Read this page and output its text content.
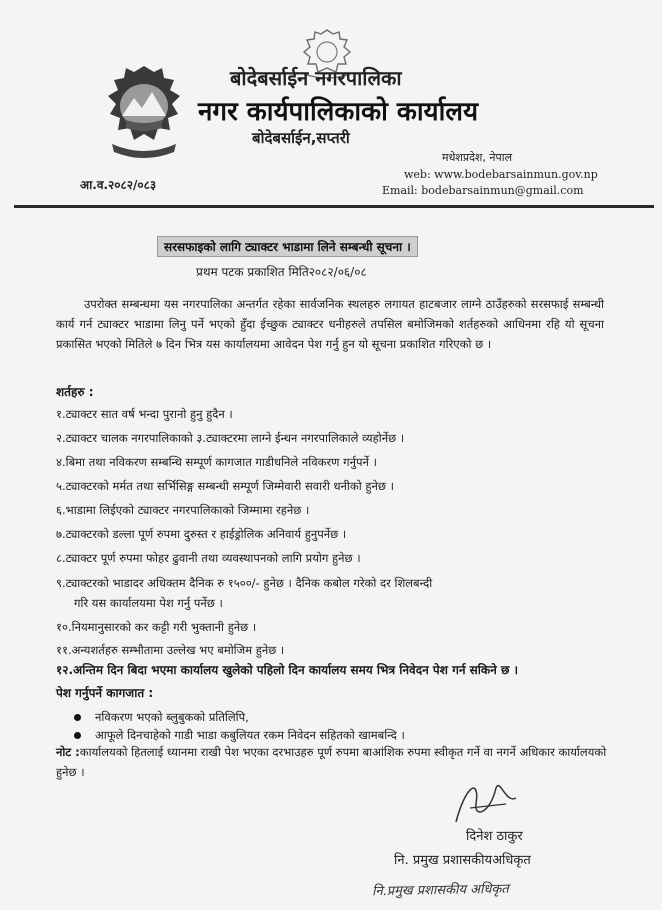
बोदेबर्साईन नगरपालिका
नगर कार्यपालिकाको कार्यालय
बोदेबर्साईन,सप्तरी
मधेशप्रदेश, नेपाल
web: www.bodebarsainmun.gov.np
Email: bodebarsainmun@gmail.com
आ.व.२०८२/०८३
सरसफाइको लागि ट्याक्टर भाडामा लिने सम्बन्धी सूचना ।
प्रथम पटक प्रकाशित मिति२०८२/०६/०८
उपरोक्त सम्बन्धमा यस नगरपालिका अन्तर्गत रहेका सार्वजनिक स्थलहरु लगायत हाटबजार लाग्ने ठाउँहरुको सरसफाई सम्बन्धी कार्य गर्न ट्याक्टर भाडामा लिनु पर्ने भएको हुँदा ईच्छुक ट्याक्टर धनीहरुले तपसिल बमोजिमको शर्तहरुको आधिनमा रहि यो सूचना प्रकासित भएको मितिले ७ दिन भित्र यस कार्यालयमा आवेदन पेश गर्नु हुन यो सूचना प्रकाशित गरिएको छ ।
शर्तहरु :
१.ट्याक्टर सात वर्ष भन्दा पुरानो हुनु हुदैन ।
२.ट्याक्टर चालक नगरपालिकाको ३.ट्याक्टरमा लाग्ने ईन्धन नगरपालिकाले व्यहोर्नेछ ।
४.बिमा तथा नविकरण सम्बन्धि सम्पूर्ण कागजात गाडीधनिले नविकरण गर्नुपर्ने ।
५.ट्याक्टरको मर्मत तथा सर्भिसिङ्ग सम्बन्धी सम्पूर्ण जिम्मेवारी सवारी धनीको हुनेछ ।
६.भाडामा लिईएको ट्याक्टर नगरपालिकाको जिम्मामा रहनेछ ।
७.ट्याक्टरको डल्ला पूर्ण रुपमा दुरुस्त र हाईड्रोलिक अनिवार्य हुनुपर्नेछ ।
८.ट्याक्टर पूर्ण रुपमा फोहर ढुवानी तथा व्यवस्थापनको लागि प्रयोग हुनेछ ।
९.ट्याक्टरको भाडादर अधिक्तम दैनिक रु १५००/- हुनेछ । दैनिक कबोल गरेको दर शिलबन्दी
गरि यस कार्यालयमा पेश गर्नु पर्नेछ ।
१०.नियमानुसारको कर कट्टी गरी भुक्तानी हुनेछ ।
११.अन्यशर्तहरु सम्भौतामा उल्लेख भए बमोजिम हुनेछ ।
पेश गर्नुपर्ने कागजात :
नविकरण भएको ब्लुबुकको प्रतिलिपि,
नोट :कार्यालयको हितलाई ध्यानमा राखी पेश भएका दरभाउहरु पूर्ण रुपमा बाआंशिक रुपमा स्वीकृत गर्ने वा नगर्ने अधिकार कार्यालयको हुनेछ ।
दिनेश ठाकुर
नि. प्रमुख प्रशासकीयअधिकृत
नि.प्रमुख प्रशासकीय अधिकृत
१२.अन्तिम दिन बिदा भएमा कार्यालय खुलेको पहिलो दिन कार्यालय समय भित्र निवेदन पेश गर्न सकिने छ ।
आफूले दिनचाहेको गाडी भाडा कबुलियत रकम निवेदन सहितको खामबन्दि ।
